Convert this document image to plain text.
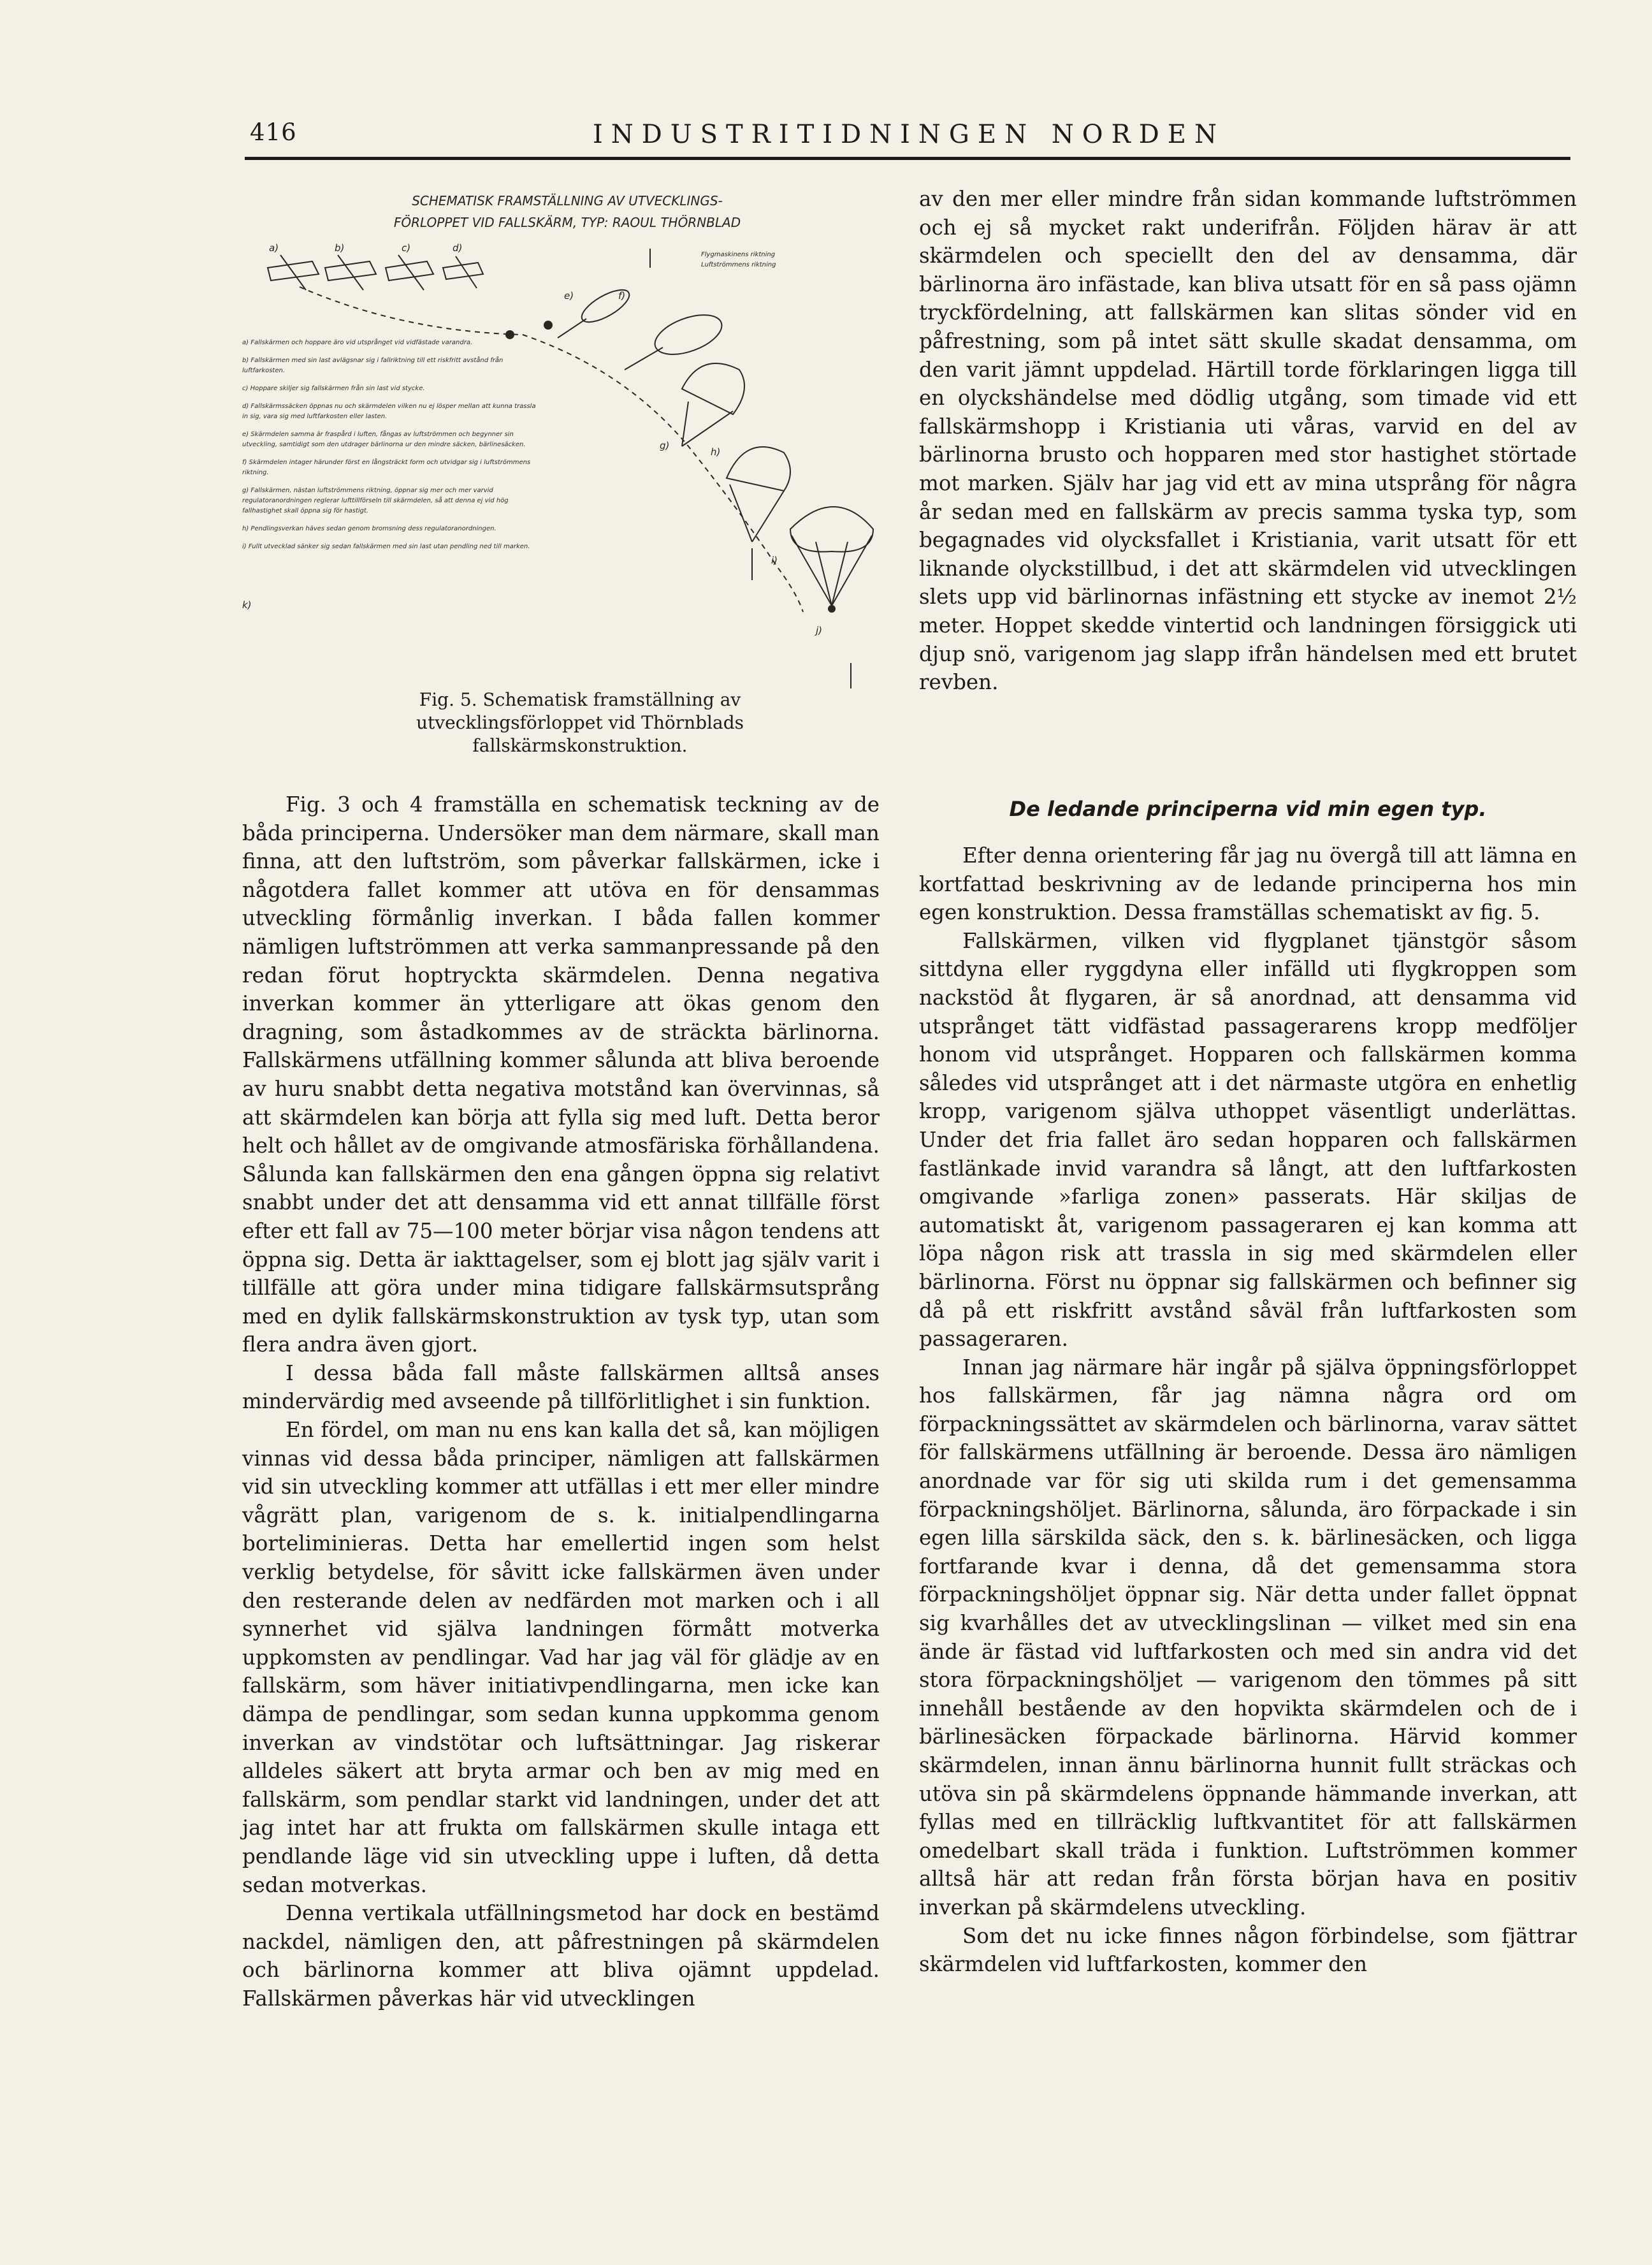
416	INDUSTRITIDNINGEN NORDEN
SCHEMATISK FRAMSTÄLLNING AV UTVECKLINGS-
FÖRLOPPET VID FALLSKÄRM, TYP: RAOUL THÖRNBLAD
Flygmaskinens riktning
Luftströmmens riktning
a)	b)	c)	d)
e)	f)
g)
h)
i)
j)
k)

a) Fallskärmen och hoppare äro vid utsprånget vid vidfästade varandra.

b) Fallskärmen med sin last avlägsnar sig i fallriktning till ett riskfritt avstånd från luftfarkosten.

c) Hoppare skiljer sig fallskärmen från sin last vid stycke.

d) Fallskärmssäcken öppnas nu och skärmdelen vilken nu ej lösper mellan att kunna trassla in sig, vara sig med luftfarkosten eller lasten.

e) Skärmdelen samma är fraspård i luften, fångas av luftströmmen och begynner sin utveckling, samtidigt som den utdrager bärlinorna ur den mindre säcken, bärlinesäcken.

f) Skärmdelen intager härunder först en långsträckt form och utvidgar sig i luftströmmens riktning.

g) Fallskärmen, nästan luftströmmens riktning, öppnar sig mer och mer varvid regulatoranordningen reglerar lufttillförseln till skärmdelen, så att denna ej vid hög fallhastighet skall öppna sig för hastigt.

h) Pendlingsverkan häves sedan genom bromsning dess regulatoranordningen.

i) Fullt utvecklad sänker sig sedan fallskärmen med sin last utan pendling ned till marken.

Fig. 5. Schematisk framställning av utvecklingsförloppet vid Thörnblads fallskärmskonstruktion.

av den mer eller mindre från sidan kommande luftströmmen och ej så mycket rakt underifrån. Följden härav är att skärmdelen och speciellt den del av densamma, där bärlinorna äro infästade, kan bliva utsatt för en så pass ojämn tryckfördelning, att fallskärmen kan slitas sönder vid en påfrestning, som på intet sätt skulle skadat densamma, om den varit jämnt uppdelad. Härtill torde förklaringen ligga till en olyckshändelse med dödlig utgång, som timade vid ett fallskärmshopp i Kristiania uti våras, varvid en del av bärlinorna brusto och hopparen med stor hastighet störtade mot marken. Själv har jag vid ett av mina utsprång för några år sedan med en fallskärm av precis samma tyska typ, som begagnades vid olycksfallet i Kristiania, varit utsatt för ett liknande olyckstillbud, i det att skärmdelen vid utvecklingen slets upp vid bärlinornas infästning ett stycke av inemot 2½ meter. Hoppet skedde vintertid och landningen försiggick uti djup snö, varigenom jag slapp ifrån händelsen med ett brutet revben.

Fig. 3 och 4 framställa en schematisk teckning av de båda principerna. Undersöker man dem närmare, skall man finna, att den luftström, som påverkar fallskärmen, icke i någotdera fallet kommer att utöva en för densammas utveckling förmånlig inverkan. I båda fallen kommer nämligen luftströmmen att verka sammanpressande på den redan förut hoptryckta skärmdelen. Denna negativa inverkan kommer än ytterligare att ökas genom den dragning, som åstadkommes av de sträckta bärlinorna. Fallskärmens utfällning kommer sålunda att bliva beroende av huru snabbt detta negativa motstånd kan övervinnas, så att skärmdelen kan börja att fylla sig med luft. Detta beror helt och hållet av de omgivande atmosfäriska förhållandena. Sålunda kan fallskärmen den ena gången öppna sig relativt snabbt under det att densamma vid ett annat tillfälle först efter ett fall av 75—100 meter börjar visa någon tendens att öppna sig. Detta är iakttagelser, som ej blott jag själv varit i tillfälle att göra under mina tidigare fallskärmsutsprång med en dylik fallskärmskonstruktion av tysk typ, utan som flera andra även gjort.

I dessa båda fall måste fallskärmen alltså anses mindervärdig med avseende på tillförlitlighet i sin funktion.

En fördel, om man nu ens kan kalla det så, kan möjligen vinnas vid dessa båda principer, nämligen att fallskärmen vid sin utveckling kommer att utfällas i ett mer eller mindre vågrätt plan, varigenom de s. k. initialpendlingarna borteliminieras. Detta har emellertid ingen som helst verklig betydelse, för såvitt icke fallskärmen även under den resterande delen av nedfärden mot marken och i all synnerhet vid själva landningen förmått motverka uppkomsten av pendlingar. Vad har jag väl för glädje av en fallskärm, som häver initiativpendlingarna, men icke kan dämpa de pendlingar, som sedan kunna uppkomma genom inverkan av vindstötar och luftsättningar. Jag riskerar alldeles säkert att bryta armar och ben av mig med en fallskärm, som pendlar starkt vid landningen, under det att jag intet har att frukta om fallskärmen skulle intaga ett pendlande läge vid sin utveckling uppe i luften, då detta sedan motverkas.

Denna vertikala utfällningsmetod har dock en bestämd nackdel, nämligen den, att påfrestningen på skärmdelen och bärlinorna kommer att bliva ojämnt uppdelad. Fallskärmen påverkas här vid utvecklingen

De ledande principerna vid min egen typ.

Efter denna orientering får jag nu övergå till att lämna en kortfattad beskrivning av de ledande principerna hos min egen konstruktion. Dessa framställas schematiskt av fig. 5.

Fallskärmen, vilken vid flygplanet tjänstgör såsom sittdyna eller ryggdyna eller infälld uti flygkroppen som nackstöd åt flygaren, är så anordnad, att densamma vid utsprånget tätt vidfästad passagerarens kropp medföljer honom vid utsprånget. Hopparen och fallskärmen komma således vid utsprånget att i det närmaste utgöra en enhetlig kropp, varigenom själva uthoppet väsentligt underlättas. Under det fria fallet äro sedan hopparen och fallskärmen fastlänkade invid varandra så långt, att den luftfarkosten omgivande »farliga zonen» passerats. Här skiljas de automatiskt åt, varigenom passageraren ej kan komma att löpa någon risk att trassla in sig med skärmdelen eller bärlinorna. Först nu öppnar sig fallskärmen och befinner sig då på ett riskfritt avstånd såväl från luftfarkosten som passageraren.

Innan jag närmare här ingår på själva öppningsförloppet hos fallskärmen, får jag nämna några ord om förpackningssättet av skärmdelen och bärlinorna, varav sättet för fallskärmens utfällning är beroende. Dessa äro nämligen anordnade var för sig uti skilda rum i det gemensamma förpackningshöljet. Bärlinorna, sålunda, äro förpackade i sin egen lilla särskilda säck, den s. k. bärlinesäcken, och ligga fortfarande kvar i denna, då det gemensamma stora förpackningshöljet öppnar sig. När detta under fallet öppnat sig kvarhålles det av utvecklingslinan — vilket med sin ena ände är fästad vid luftfarkosten och med sin andra vid det stora förpackningshöljet — varigenom den tömmes på sitt innehåll bestående av den hopvikta skärmdelen och de i bärlinesäcken förpackade bärlinorna. Härvid kommer skärmdelen, innan ännu bärlinorna hunnit fullt sträckas och utöva sin på skärmdelens öppnande hämmande inverkan, att fyllas med en tillräcklig luftkvantitet för att fallskärmen omedelbart skall träda i funktion. Luftströmmen kommer alltså här att redan från första början hava en positiv inverkan på skärmdelens utveckling.

Som det nu icke finnes någon förbindelse, som fjättrar skärmdelen vid luftfarkosten, kommer den
